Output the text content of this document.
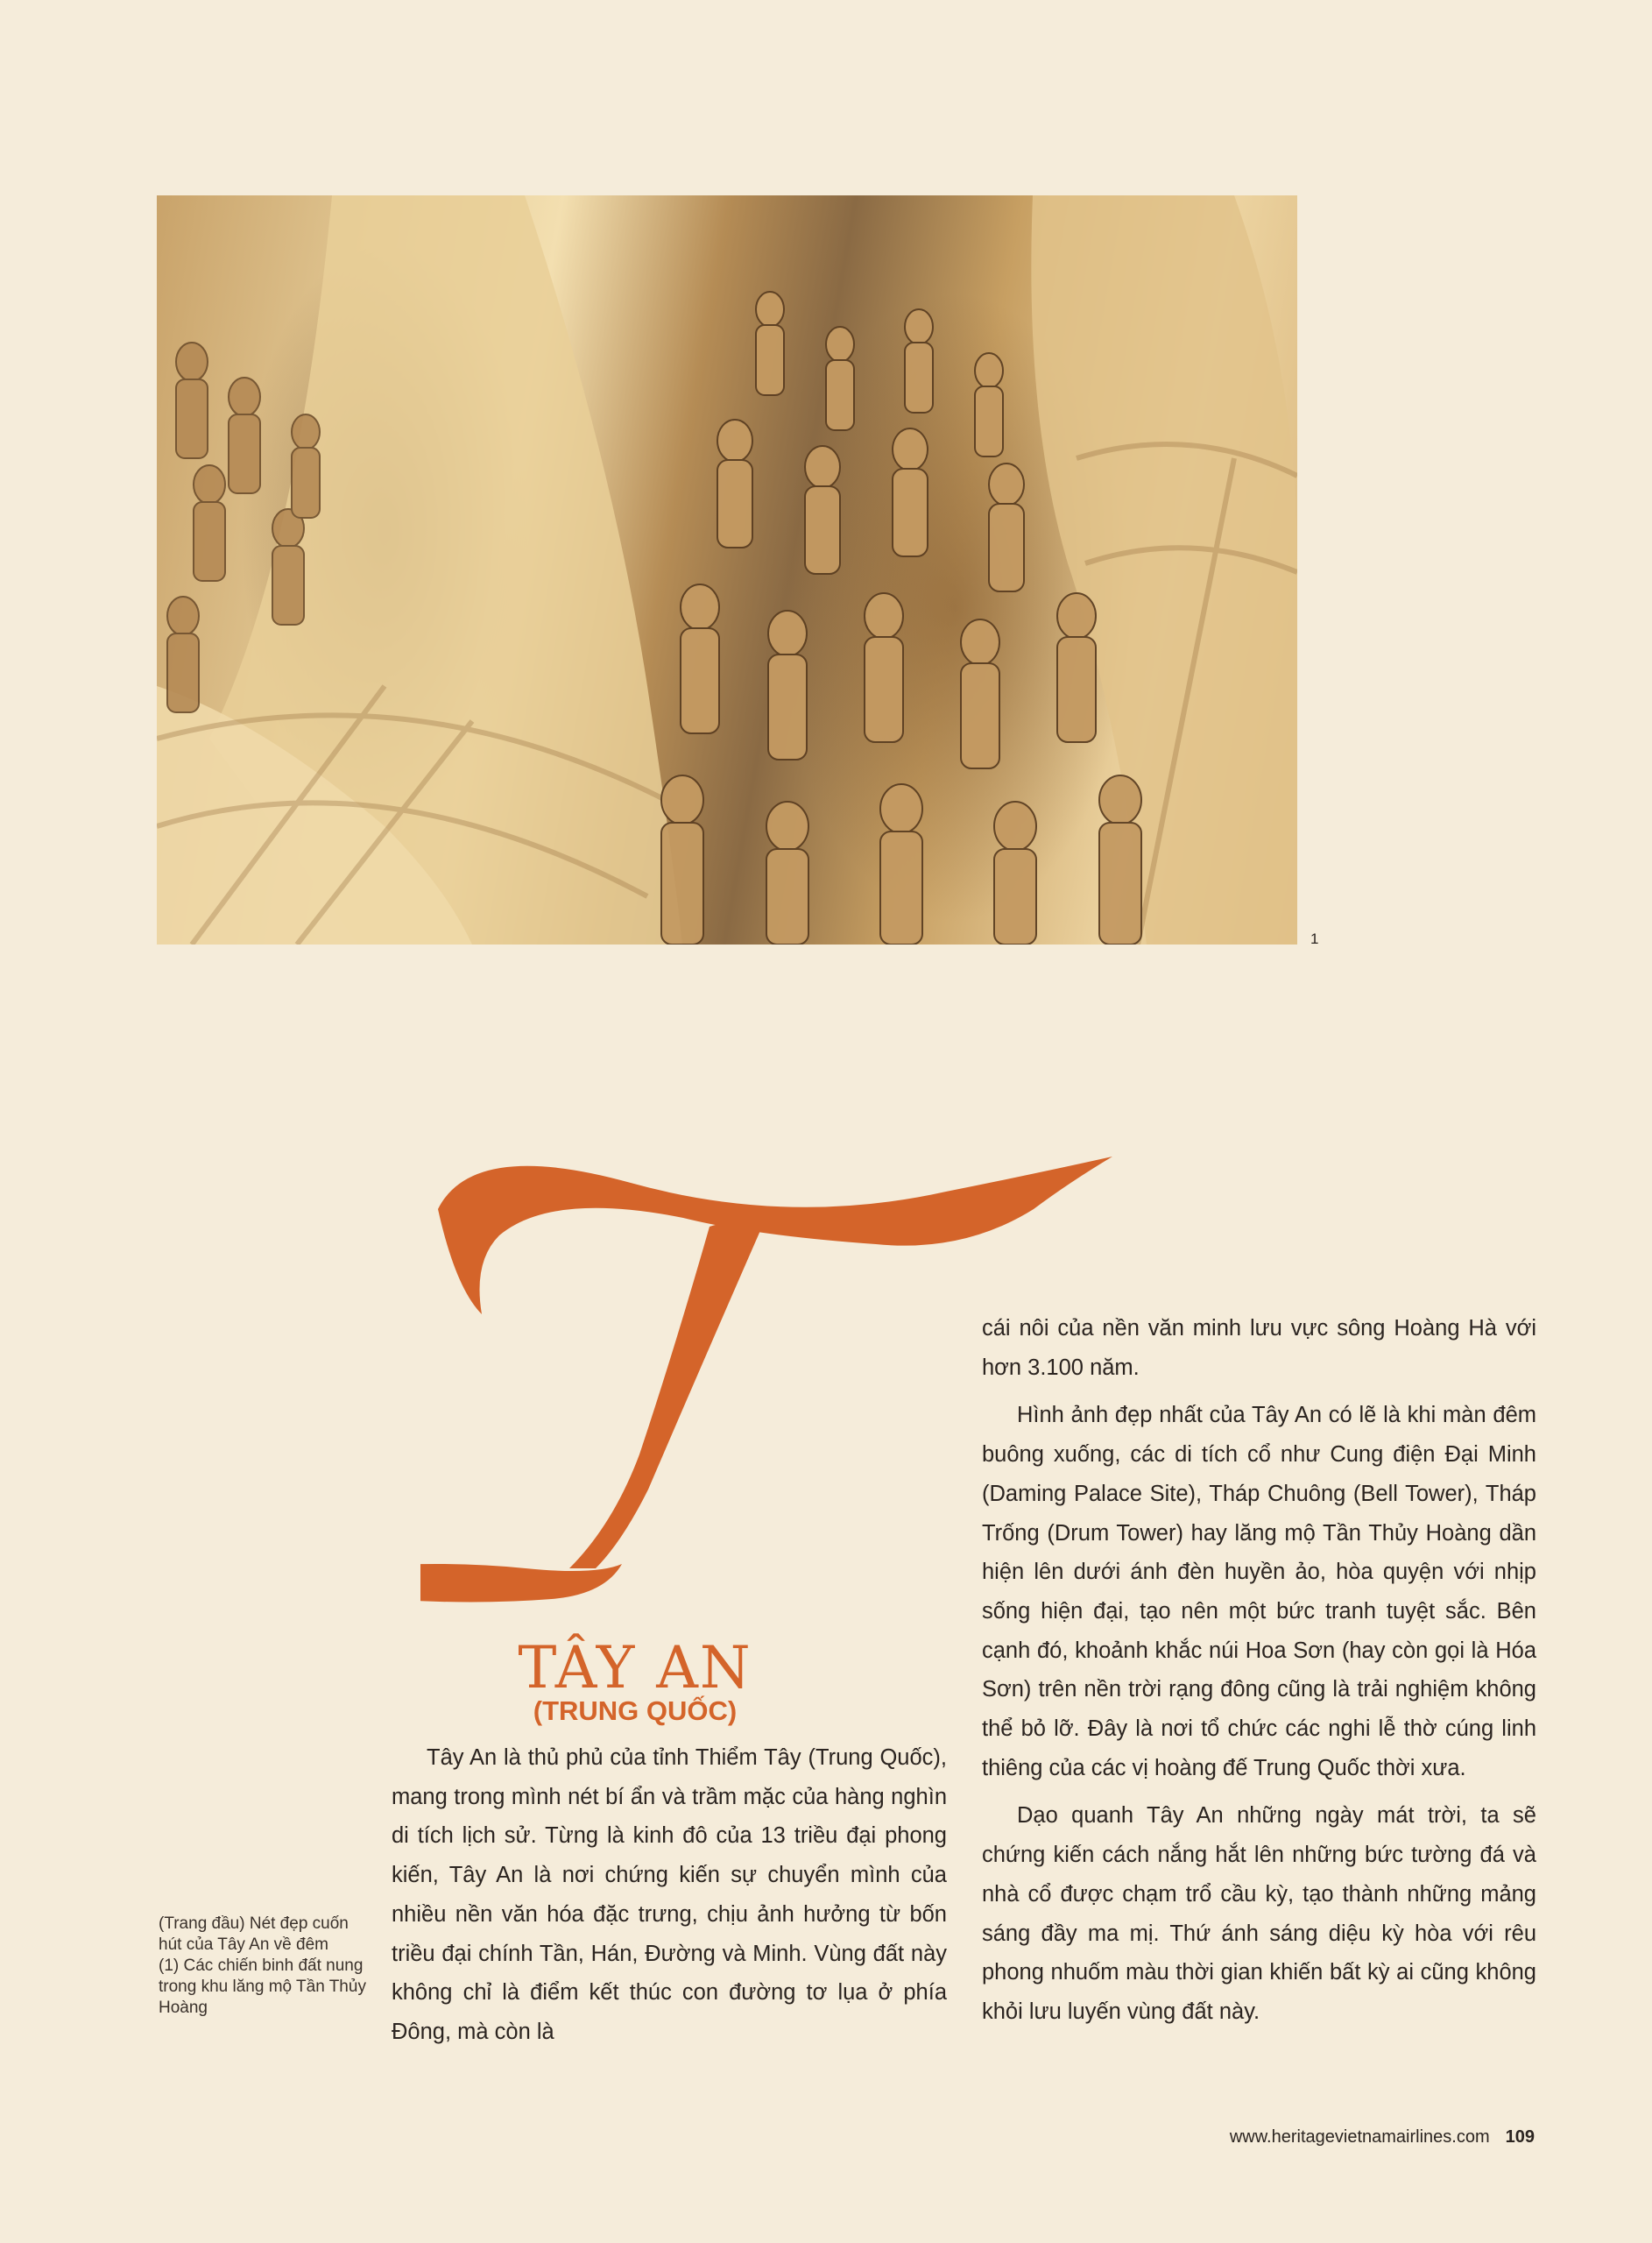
1
TÂY AN
(TRUNG QUỐC)

Tây An là thủ phủ của tỉnh Thiểm Tây (Trung Quốc), mang trong mình nét bí ẩn và trầm mặc của hàng nghìn di tích lịch sử. Từng là kinh đô của 13 triều đại phong kiến, Tây An là nơi chứng kiến sự chuyển mình của nhiều nền văn hóa đặc trưng, chịu ảnh hưởng từ bốn triều đại chính Tần, Hán, Đường và Minh. Vùng đất này không chỉ là điểm kết thúc con đường tơ lụa ở phía Đông, mà còn là

cái nôi của nền văn minh lưu vực sông Hoàng Hà với hơn 3.100 năm.

Hình ảnh đẹp nhất của Tây An có lẽ là khi màn đêm buông xuống, các di tích cổ như Cung điện Đại Minh (Daming Palace Site), Tháp Chuông (Bell Tower), Tháp Trống (Drum Tower) hay lăng mộ Tần Thủy Hoàng dần hiện lên dưới ánh đèn huyền ảo, hòa quyện với nhịp sống hiện đại, tạo nên một bức tranh tuyệt sắc. Bên cạnh đó, khoảnh khắc núi Hoa Sơn (hay còn gọi là Hóa Sơn) trên nền trời rạng đông cũng là trải nghiệm không thể bỏ lỡ. Đây là nơi tổ chức các nghi lễ thờ cúng linh thiêng của các vị hoàng đế Trung Quốc thời xưa.

Dạo quanh Tây An những ngày mát trời, ta sẽ chứng kiến cách nắng hắt lên những bức tường đá và nhà cổ được chạm trổ cầu kỳ, tạo thành những mảng sáng đầy ma mị. Thứ ánh sáng diệu kỳ hòa với rêu phong nhuốm màu thời gian khiến bất kỳ ai cũng không khỏi lưu luyến vùng đất này.

(Trang đầu) Nét đẹp cuốn hút của Tây An về đêm
(1) Các chiến binh đất nung trong khu lăng mộ Tần Thủy Hoàng
www.heritagevietnamairlines.com 109
